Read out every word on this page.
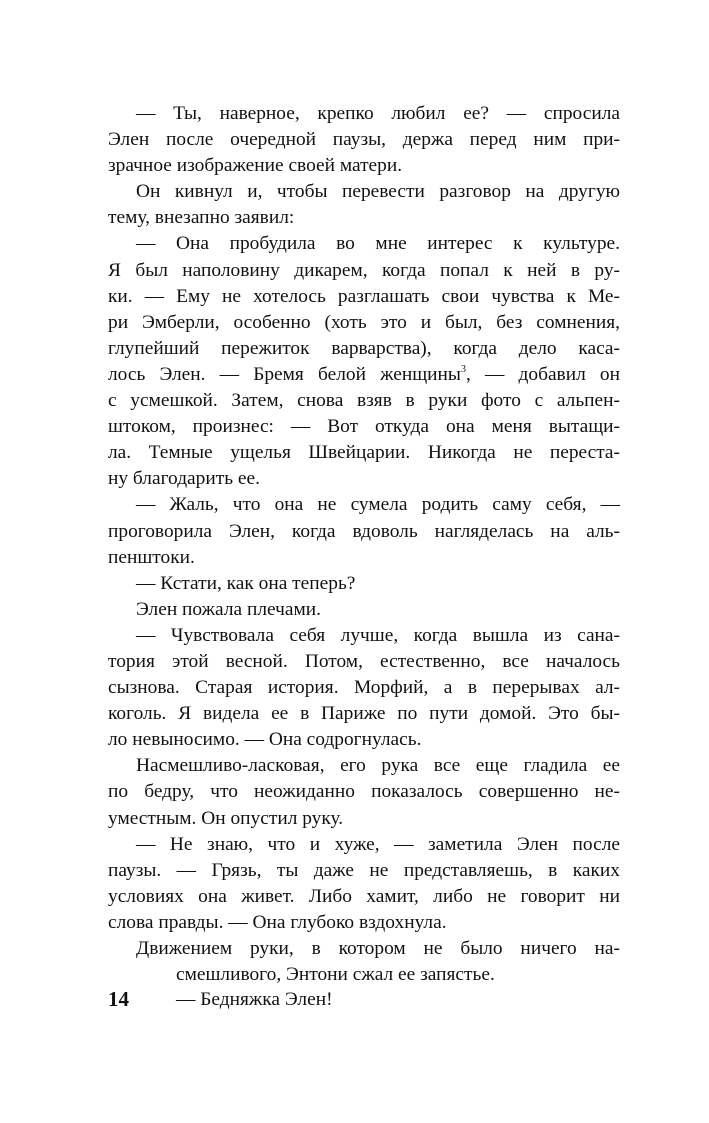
— Ты, наверное, крепко любил ее? — спросила
Элен после очередной паузы, держа перед ним при-
зрачное изображение своей матери.
Он кивнул и, чтобы перевести разговор на другую
тему, внезапно заявил:
— Она пробудила во мне интерес к культуре.
Я был наполовину дикарем, когда попал к ней в ру-
ки. — Ему не хотелось разглашать свои чувства к Ме-
ри Эмберли, особенно (хоть это и был, без сомнения,
глупейший пережиток варварства), когда дело каса-
лось Элен. — Бремя белой женщины$^3$, — добавил он
с усмешкой. Затем, снова взяв в руки фото с альпен-
штоком, произнес: — Вот откуда она меня вытащи-
ла. Темные ущелья Швейцарии. Никогда не переста-
ну благодарить ее.
— Жаль, что она не сумела родить саму себя, —
проговорила Элен, когда вдоволь нагляделась на аль-
пенштоки.
— Кстати, как она теперь?
Элен пожала плечами.
— Чувствовала себя лучше, когда вышла из сана-
тория этой весной. Потом, естественно, все началось
сызнова. Старая история. Морфий, а в перерывах ал-
коголь. Я видела ее в Париже по пути домой. Это бы-
ло невыносимо. — Она содрогнулась.
Насмешливо-ласковая, его рука все еще гладила ее
по бедру, что неожиданно показалось совершенно не-
уместным. Он опустил руку.
— Не знаю, что и хуже, — заметила Элен после
паузы. — Грязь, ты даже не представляешь, в каких
условиях она живет. Либо хамит, либо не говорит ни
слова правды. — Она глубоко вздохнула.
Движением руки, в котором не было ничего на-
смешливого, Энтони сжал ее запястье.
14 — Бедняжка Элен!
